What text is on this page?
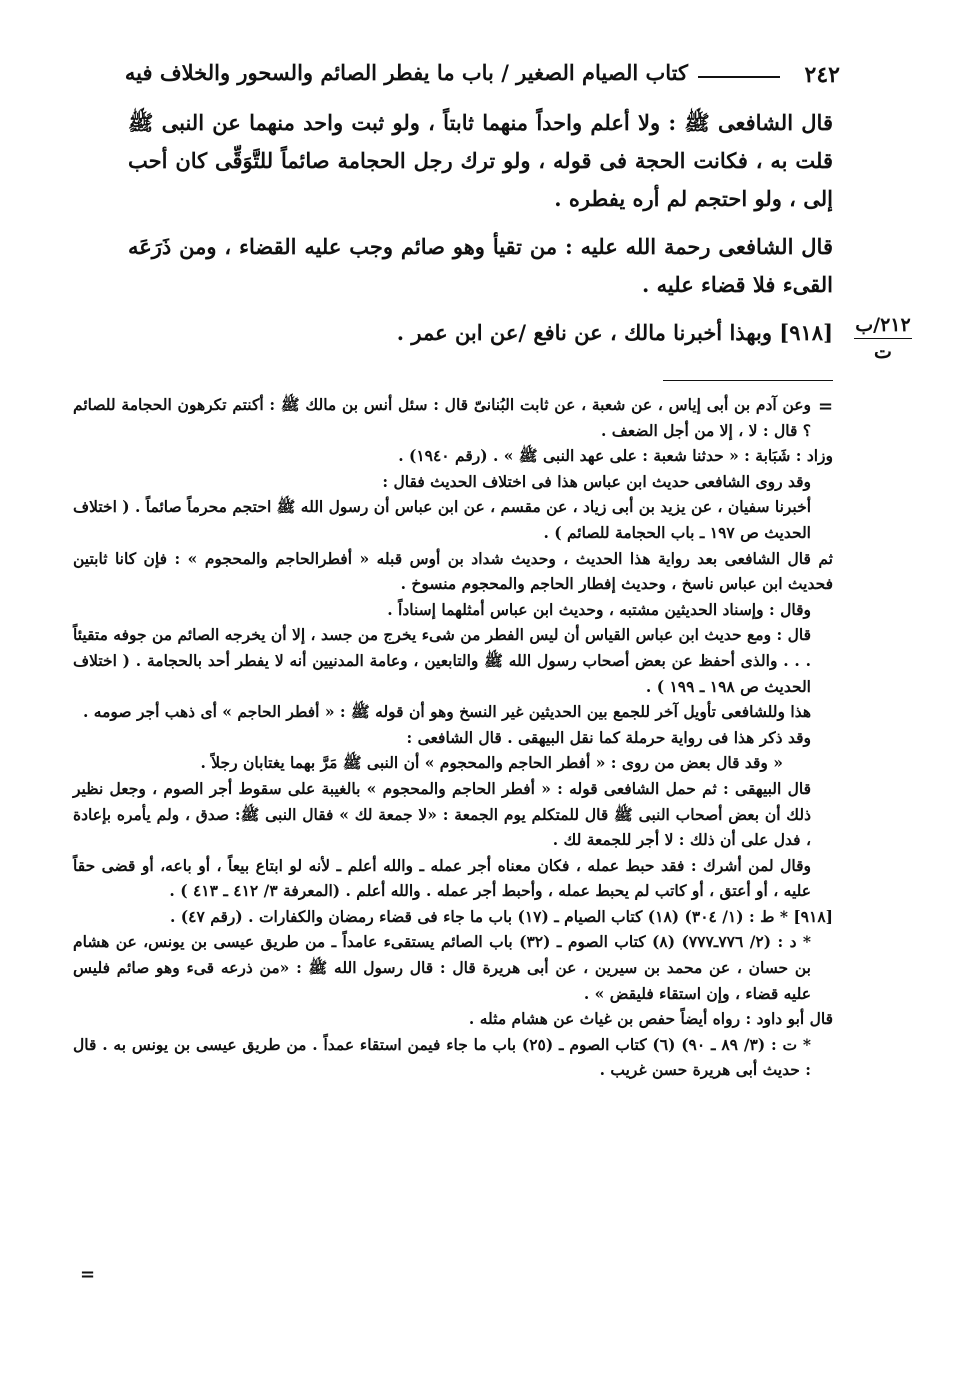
٢٤٢
كتاب الصيام الصغير / باب ما يفطر الصائم والسحور والخلاف فيه

قال الشافعى ﷺ : ولا أعلم واحداً منهما ثابتاً ، ولو ثبت واحد منهما عن النبى ﷺ قلت به ، فكانت الحجة فى قوله ، ولو ترك رجل الحجامة صائماً للتَّوَقِّى كان أحب إلى ، ولو احتجم لم أره يفطره .

قال الشافعى رحمة الله عليه : من تقيأ وهو صائم وجب عليه القضاء ، ومن ذَرَعَه القىء فلا قضاء عليه .

[٩١٨] وبهذا أخبرنا مالك ، عن نافع /عن ابن عمر .	٢١٢/ب
ت
=
=

وعن آدم بن أبى إياس ، عن شعبة ، عن ثابت البُنانىّ قال : سئل أنس بن مالك ﷺ : أكنتم تكرهون الحجامة للصائم ؟ قال : لا ، إلا من أجل الضعف .

وزاد : شَبَابة : « حدثنا شعبة : على عهد النبى ﷺ » . (رقم ١٩٤٠) .

وقد روى الشافعى حديث ابن عباس هذا فى اختلاف الحديث فقال :

أخبرنا سفيان ، عن يزيد بن أبى زياد ، عن مقسم ، عن ابن عباس أن رسول الله ﷺ احتجم محرماً صائماً . ( اختلاف الحديث ص ١٩٧ ـ باب الحجامة للصائم ) .

ثم قال الشافعى بعد رواية هذا الحديث ، وحديث شداد بن أوس قبله « أفطرالحاجم والمحجوم » : فإن كانا ثابتين فحديث ابن عباس ناسخ ، وحديث إفطار الحاجم والمحجوم منسوخ .

وقال : وإسناد الحديثين مشتبه ، وحديث ابن عباس أمثلهما إسناداً .

قال : ومع حديث ابن عباس القياس أن ليس الفطر من شىء يخرج من جسد ، إلا أن يخرجه الصائم من جوفه متقيئاً . . . والذى أحفظ عن بعض أصحاب رسول الله ﷺ والتابعين ، وعامة المدنيين أنه لا يفطر أحد بالحجامة . ( اختلاف الحديث ص ١٩٨ ـ ١٩٩ ) .

هذا وللشافعى تأويل آخر للجمع بين الحديثين غير النسخ وهو أن قوله ﷺ : « أفطر الحاجم » أى ذهب أجر صومه .

وقد ذكر هذا فى رواية حرملة كما نقل البيهقى . قال الشافعى :

« وقد قال بعض من روى : « أفطر الحاجم والمحجوم » أن النبى ﷺ مَرَّ بهما يغتابان رجلاً .

قال البيهقى : ثم حمل الشافعى قوله : « أفطر الحاجم والمحجوم » بالغيبة على سقوط أجر الصوم ، وجعل نظير ذلك أن بعض أصحاب النبى ﷺ قال للمتكلم يوم الجمعة : «لا جمعة لك » فقال النبى ﷺ: صدق ، ولم يأمره بإعادة ، فدل على أن ذلك : لا أجر للجمعة لك .

وقال لمن أشرك : فقد حبط عمله ، فكان معناه أجر عمله ـ والله أعلم ـ لأنه لو ابتاع بيعاً ، أو باعه، أو قضى حقاً عليه ، أو أعتق ، أو كاتب لم يحبط عمله ، وأحبط أجر عمله . والله أعلم . (المعرفة ٣/ ٤١٢ ـ ٤١٣ ) .

[٩١٨] * ط : (١/ ٣٠٤) (١٨) كتاب الصيام ـ (١٧) باب ما جاء فى قضاء رمضان والكفارات . (رقم ٤٧) .

* د : (٢/ ٧٧٦ـ٧٧٧) (٨) كتاب الصوم ـ (٣٢) باب الصائم يستقىء عامداً ـ من طريق عيسى بن يونس، عن هشام بن حسان ، عن محمد بن سيرين ، عن أبى هريرة قال : قال رسول الله ﷺ : «من ذرعه قىء وهو صائم فليس عليه قضاء ، وإن استقاء فليقض » .

قال أبو داود : رواه أيضاً حفص بن غياث عن هشام مثله .

* ت : (٣/ ٨٩ ـ ٩٠) (٦) كتاب الصوم ـ (٢٥) باب ما جاء فيمن استقاء عمداً . من طريق عيسى بن يونس به . قال : حديث أبى هريرة حسن غريب .
